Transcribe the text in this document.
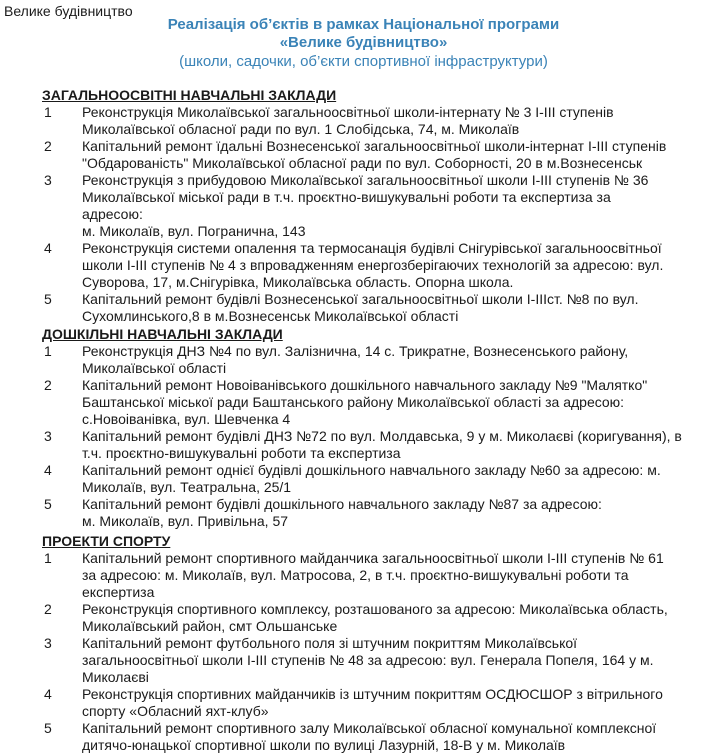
Велике будівництво
Реалізація об’єктів в рамках Національної програми
«Велике будівництво»
(школи, садочки, об’єкти спортивної інфраструктури)
ЗАГАЛЬНООСВІТНІ НАВЧАЛЬНІ ЗАКЛАДИ
1 Реконструкція Миколаївської загальноосвітньої школи-інтернату № 3 І-ІІІ ступенів
Миколаївської обласної ради по вул. 1 Слобідська, 74, м. Миколаїв
2 Капітальний ремонт їдальні Вознесенської загальноосвітньої школи-інтернат І-ІІІ ступенів
"Обдарованість" Миколаївської обласної ради по вул. Соборності, 20 в м.Вознесенськ
3 Реконструкція з прибудовою Миколаївської загальноосвітньої школи І-ІІІ ступенів № 36
Миколаївської міської ради в т.ч. проєктно-вишукувальні роботи та експертиза за
адресою:
м. Миколаїв, вул. Погранична, 143
4 Реконструкція системи опалення та термосанація будівлі Снігурівської загальноосвітньої
школи І-ІІІ ступенів № 4 з впровадженням енергозберігаючих технологій за адресою: вул.
Суворова, 17, м.Снігурівка, Миколаївська область. Опорна школа.
5 Капітальний ремонт будівлі Вознесенської загальноосвітньої школи І-ІІІст. №8 по вул.
Сухомлинського,8 в м.Вознесенськ Миколаївської області
ДОШКІЛЬНІ НАВЧАЛЬНІ ЗАКЛАДИ
1 Реконструкція ДНЗ №4 по вул. Залізнична, 14 с. Трикратне, Вознесенського району,
Миколаївської області
2 Капітальний ремонт Новоіванівського дошкільного навчального закладу №9 "Малятко"
Баштанської міської ради Баштанського району Миколаївської області за адресою:
с.Новоіванівка, вул. Шевченка 4
3 Капітальний ремонт будівлі ДНЗ №72 по вул. Молдавська, 9 у м. Миколаєві (коригування), в
т.ч. проєктно-вишукувальні роботи та експертиза
4 Капітальний ремонт однієї будівлі дошкільного навчального закладу №60 за адресою: м.
Миколаїв, вул. Театральна, 25/1
5 Капітальний ремонт будівлі дошкільного навчального закладу №87 за адресою:
м. Миколаїв, вул. Привільна, 57
ПРОЕКТИ СПОРТУ
1 Капітальний ремонт спортивного майданчика загальноосвітньої школи І-ІІІ ступенів № 61
за адресою: м. Миколаїв, вул. Матросова, 2, в т.ч. проєктно-вишукувальні роботи та
експертиза
2 Реконструкція спортивного комплексу, розташованого за адресою: Миколаївська область,
Миколаївський район, смт Ольшанське
3 Капітальний ремонт футбольного поля зі штучним покриттям Миколаївської
загальноосвітньої школи І-ІІІ ступенів № 48 за адресою: вул. Генерала Попеля, 164 у м.
Миколаєві
4 Реконструкція спортивних майданчиків із штучним покриттям ОСДЮСШОР з вітрильного
спорту «Обласний яхт-клуб»
5 Капітальний ремонт спортивного залу Миколаївської обласної комунальної комплексної
дитячо-юнацької спортивної школи по вулиці Лазурній, 18-В у м. Миколаїв
